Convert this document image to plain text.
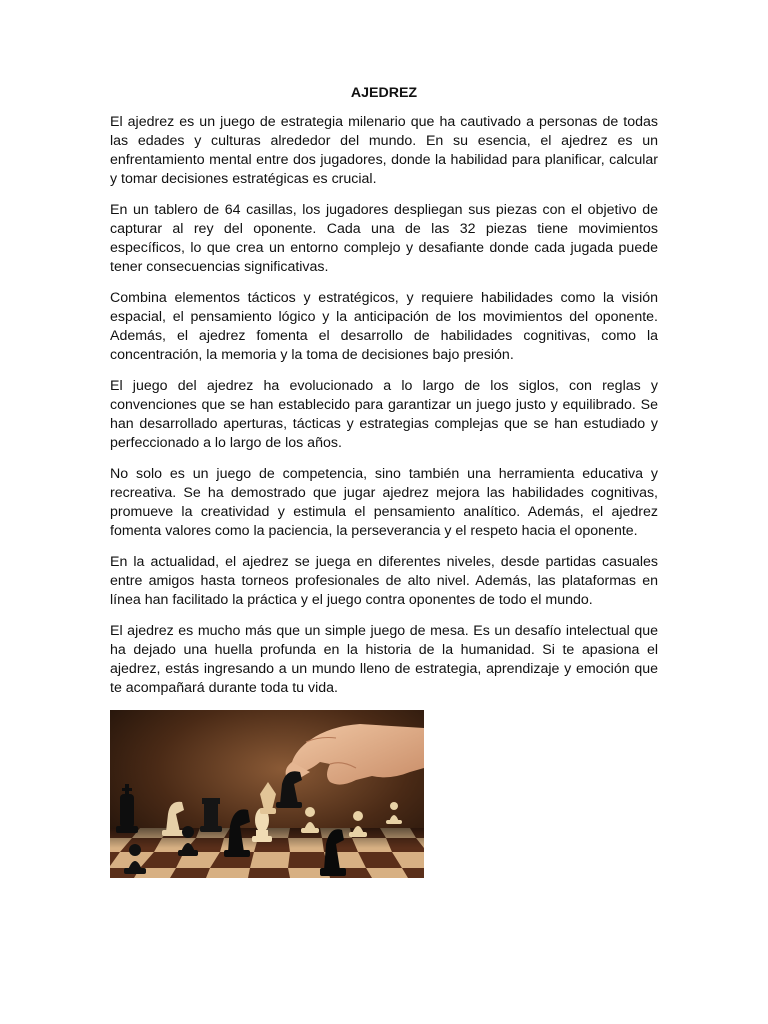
AJEDREZ

El ajedrez es un juego de estrategia milenario que ha cautivado a personas de todas las edades y culturas alrededor del mundo. En su esencia, el ajedrez es un enfrentamiento mental entre dos jugadores, donde la habilidad para planificar, calcular y tomar decisiones estratégicas es crucial.

En un tablero de 64 casillas, los jugadores despliegan sus piezas con el objetivo de capturar al rey del oponente. Cada una de las 32 piezas tiene movimientos específicos, lo que crea un entorno complejo y desafiante donde cada jugada puede tener consecuencias significativas.

Combina elementos tácticos y estratégicos, y requiere habilidades como la visión espacial, el pensamiento lógico y la anticipación de los movimientos del oponente. Además, el ajedrez fomenta el desarrollo de habilidades cognitivas, como la concentración, la memoria y la toma de decisiones bajo presión.

El juego del ajedrez ha evolucionado a lo largo de los siglos, con reglas y convenciones que se han establecido para garantizar un juego justo y equilibrado. Se han desarrollado aperturas, tácticas y estrategias complejas que se han estudiado y perfeccionado a lo largo de los años.

No solo es un juego de competencia, sino también una herramienta educativa y recreativa. Se ha demostrado que jugar ajedrez mejora las habilidades cognitivas, promueve la creatividad y estimula el pensamiento analítico. Además, el ajedrez fomenta valores como la paciencia, la perseverancia y el respeto hacia el oponente.

En la actualidad, el ajedrez se juega en diferentes niveles, desde partidas casuales entre amigos hasta torneos profesionales de alto nivel. Además, las plataformas en línea han facilitado la práctica y el juego contra oponentes de todo el mundo.

El ajedrez es mucho más que un simple juego de mesa. Es un desafío intelectual que ha dejado una huella profunda en la historia de la humanidad. Si te apasiona el ajedrez, estás ingresando a un mundo lleno de estrategia, aprendizaje y emoción que te acompañará durante toda tu vida.
